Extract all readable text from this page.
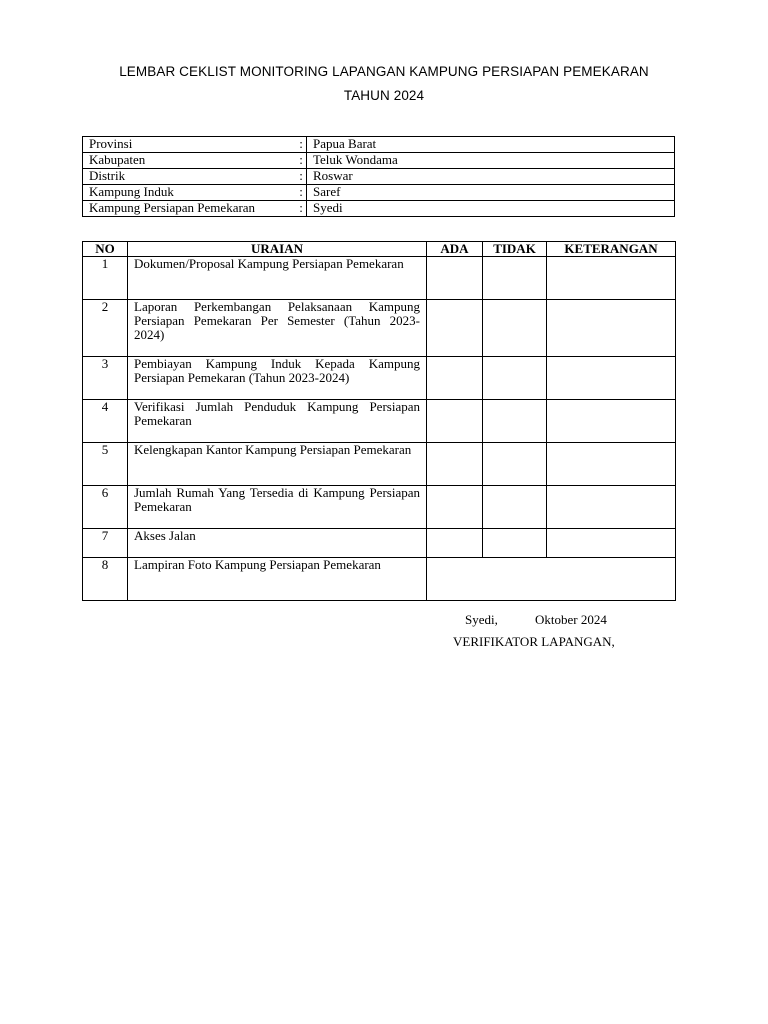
LEMBAR CEKLIST MONITORING LAPANGAN KAMPUNG PERSIAPAN PEMEKARAN
TAHUN 2024
Provinsi	:	Papua Barat
Kabupaten	:	Teluk Wondama
Distrik	:	Roswar
Kampung Induk	:	Saref
Kampung Persiapan Pemekaran	:	Syedi
NO	URAIAN	ADA	TIDAK	KETERANGAN
1	Dokumen/Proposal Kampung Persiapan Pemekaran			
2	Laporan Perkembangan Pelaksanaan Kampung Persiapan Pemekaran Per Semester (Tahun 2023-2024)			
3	Pembiayan Kampung Induk Kepada Kampung Persiapan Pemekaran (Tahun 2023-2024)			
4	Verifikasi Jumlah Penduduk Kampung Persiapan Pemekaran			
5	Kelengkapan Kantor Kampung Persiapan Pemekaran			
6	Jumlah Rumah Yang Tersedia di Kampung Persiapan Pemekaran			
7	Akses Jalan			
8	Lampiran Foto Kampung Persiapan Pemekaran			
Syedi,	Oktober 2024
VERIFIKATOR LAPANGAN,
